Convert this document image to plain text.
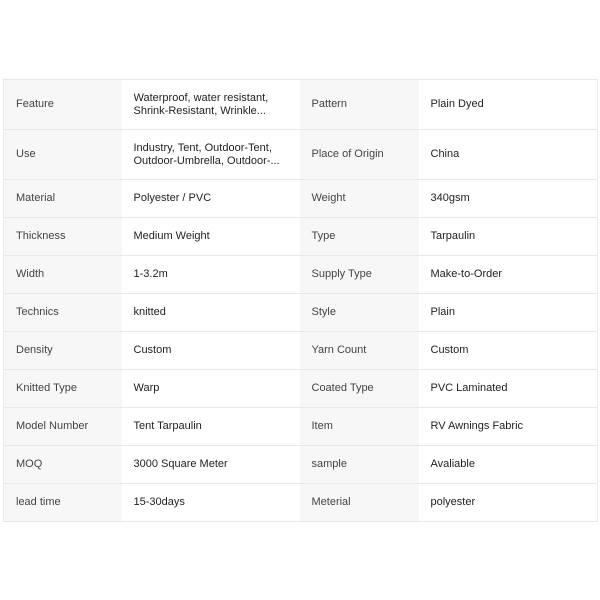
Feature	Waterproof, water resistant, Shrink-Resistant, Wrinkle...	Pattern	Plain Dyed
Use	Industry, Tent, Outdoor-Tent, Outdoor-Umbrella, Outdoor-...	Place of Origin	China
Material	Polyester / PVC	Weight	340gsm
Thickness	Medium Weight	Type	Tarpaulin
Width	1-3.2m	Supply Type	Make-to-Order
Technics	knitted	Style	Plain
Density	Custom	Yarn Count	Custom
Knitted Type	Warp	Coated Type	PVC Laminated
Model Number	Tent Tarpaulin	Item	RV Awnings Fabric
MOQ	3000 Square Meter	sample	Avaliable
lead time	15-30days	Meterial	polyester
